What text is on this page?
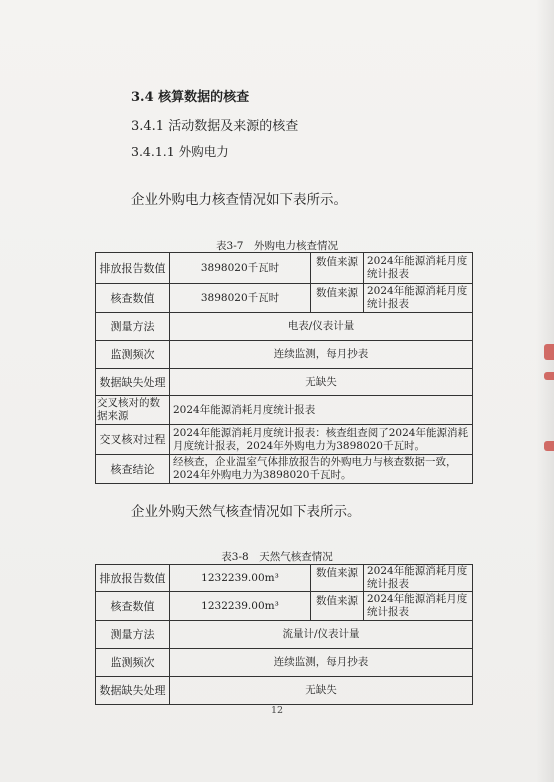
3.4 核算数据的核查
3.4.1 活动数据及来源的核查
3.4.1.1 外购电力
企业外购电力核查情况如下表所示。
表3-7　外购电力核查情况
排放报告数值	3898020千瓦时	数值来源	2024年能源消耗月度统计报表
核查数值	3898020千瓦时	数值来源	2024年能源消耗月度统计报表
测量方法	电表/仪表计量		
监测频次	连续监测，每月抄表		
数据缺失处理	无缺失		
交叉核对的数据来源	2024年能源消耗月度统计报表		
交叉核对过程	2024年能源消耗月度统计报表：核查组查阅了2024年能源消耗月度统计报表，2024年外购电力为3898020千瓦时。		
核查结论	经核查，企业温室气体排放报告的外购电力与核查数据一致，2024年外购电力为3898020千瓦时。		
企业外购天然气核查情况如下表所示。
表3-8　天然气核查情况
排放报告数值	1232239.00m³	数值来源	2024年能源消耗月度统计报表
核查数值	1232239.00m³	数值来源	2024年能源消耗月度统计报表
测量方法	流量计/仪表计量		
监测频次	连续监测，每月抄表		
数据缺失处理	无缺失		
12
